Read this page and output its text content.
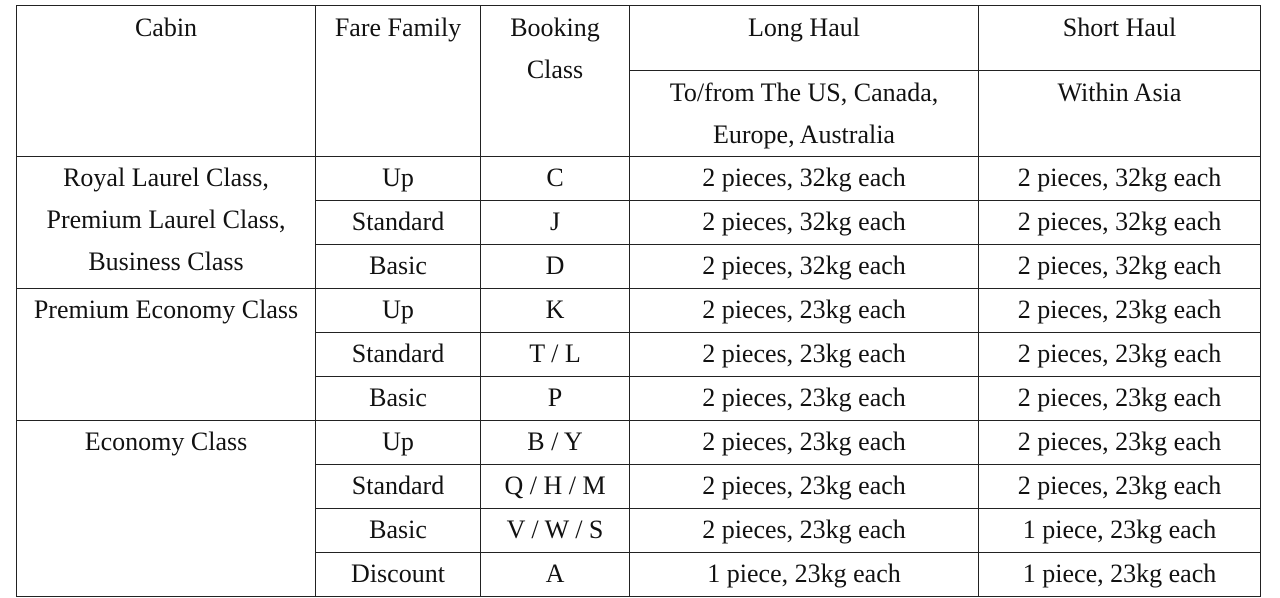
Cabin	Fare Family	Booking Class	Long Haul	Short Haul
			To/from The US, Canada, Europe, Australia	Within Asia
Royal Laurel Class, Premium Laurel Class, Business Class	Up	C	2 pieces, 32kg each	2 pieces, 32kg each
	Standard	J	2 pieces, 32kg each	2 pieces, 32kg each
	Basic	D	2 pieces, 32kg each	2 pieces, 32kg each
Premium Economy Class	Up	K	2 pieces, 23kg each	2 pieces, 23kg each
	Standard	T / L	2 pieces, 23kg each	2 pieces, 23kg each
	Basic	P	2 pieces, 23kg each	2 pieces, 23kg each
Economy Class	Up	B / Y	2 pieces, 23kg each	2 pieces, 23kg each
	Standard	Q / H / M	2 pieces, 23kg each	2 pieces, 23kg each
	Basic	V / W / S	2 pieces, 23kg each	1 piece, 23kg each
	Discount	A	1 piece, 23kg each	1 piece, 23kg each
